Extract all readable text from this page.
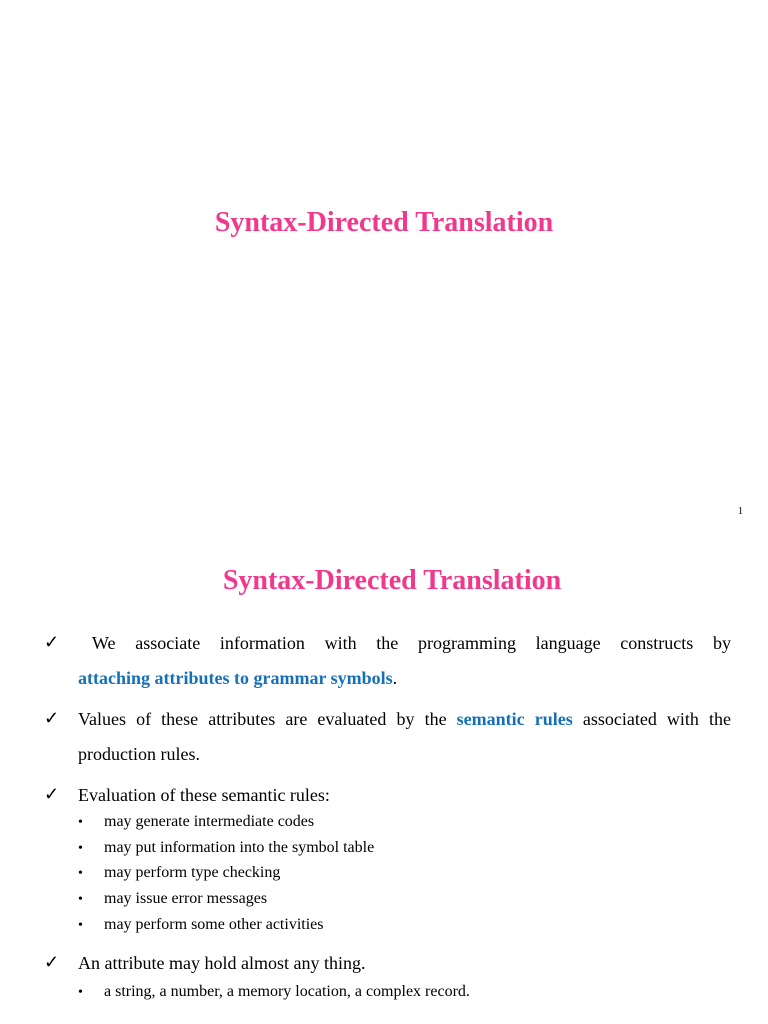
Syntax-Directed Translation
1
Syntax-Directed Translation
✓	We associate information with the programming language constructs by
attaching attributes to grammar symbols.
✓ Values of these attributes are evaluated by the semantic rules associated with the production rules.
✓ Evaluation of these semantic rules:
• may generate intermediate codes
• may put information into the symbol table
• may perform type checking
• may issue error messages
• may perform some other activities
✓ An attribute may hold almost any thing.
• a string, a number, a memory location, a complex record.
